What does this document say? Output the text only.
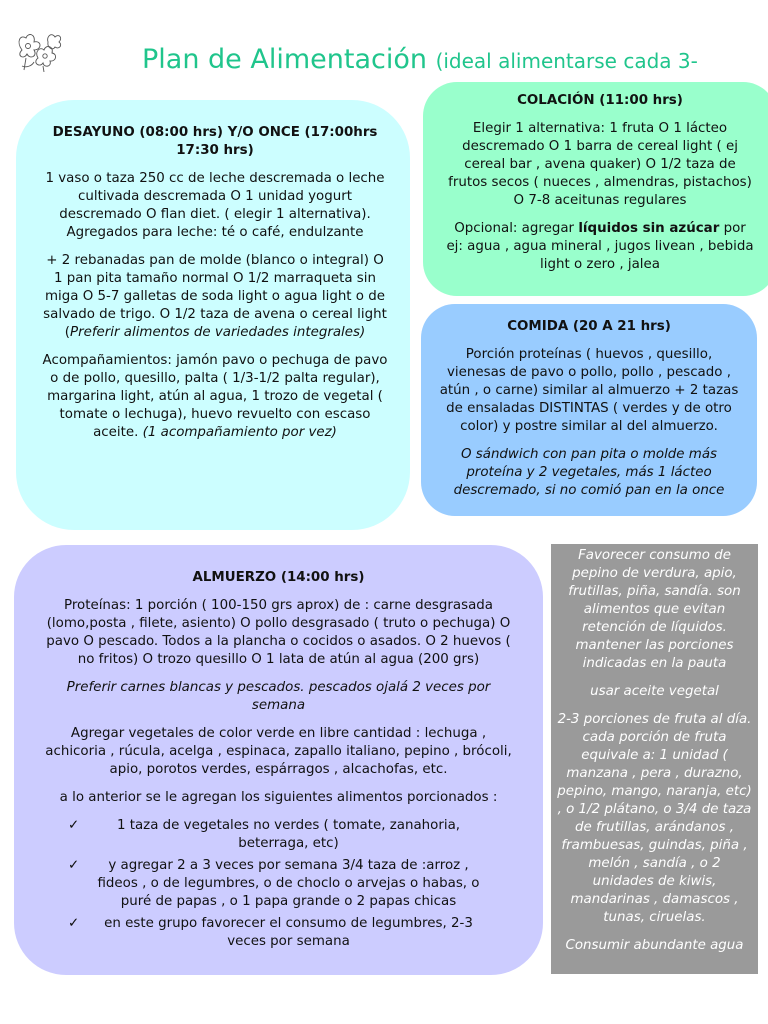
Plan de Alimentación (ideal alimentarse cada 3-
DESAYUNO (08:00 hrs) Y/O ONCE (17:00hrs 17:30 hrs)

1 vaso o taza 250 cc de leche descremada o leche cultivada descremada O 1 unidad yogurt descremado O flan diet. ( elegir 1 alternativa). Agregados para leche: té o café, endulzante

+ 2 rebanadas pan de molde (blanco o integral) O 1 pan pita tamaño normal O 1/2 marraqueta sin miga O 5-7 galletas de soda light o agua light o de salvado de trigo. O 1/2 taza de avena o cereal light (Preferir alimentos de variedades integrales)

Acompañamientos: jamón pavo o pechuga de pavo o de pollo, quesillo, palta ( 1/3-1/2 palta regular), margarina light, atún al agua, 1 trozo de vegetal ( tomate o lechuga), huevo revuelto con escaso aceite. (1 acompañamiento por vez)

COLACIÓN (11:00 hrs)

Elegir 1 alternativa: 1 fruta O 1 lácteo descremado O 1 barra de cereal light ( ej cereal bar , avena quaker) O 1/2 taza de frutos secos ( nueces , almendras, pistachos) O 7-8 aceitunas regulares

Opcional: agregar líquidos sin azúcar por ej: agua , agua mineral , jugos livean , bebida light o zero , jalea

COMIDA (20 A 21 hrs)

Porción proteínas ( huevos , quesillo, vienesas de pavo o pollo, pollo , pescado , atún , o carne) similar al almuerzo + 2 tazas de ensaladas DISTINTAS ( verdes y de otro color) y postre similar al del almuerzo.

O sándwich con pan pita o molde más proteína y 2 vegetales, más 1 lácteo descremado, si no comió pan en la once

ALMUERZO (14:00 hrs)

Proteínas: 1 porción ( 100-150 grs aprox) de : carne desgrasada (lomo,posta , filete, asiento) O pollo desgrasado ( truto o pechuga) O pavo O pescado. Todos a la plancha o cocidos o asados. O 2 huevos ( no fritos) O trozo quesillo O 1 lata de atún al agua (200 grs)

Preferir carnes blancas y pescados. pescados ojalá 2 veces por semana

Agregar vegetales de color verde en libre cantidad : lechuga , achicoria , rúcula, acelga , espinaca, zapallo italiano, pepino , brócoli, apio, porotos verdes, espárragos , alcachofas, etc.

a lo anterior se le agregan los siguientes alimentos porcionados :

✓ 1 taza de vegetales no verdes ( tomate, zanahoria, beterraga, etc)
✓ y agregar 2 a 3 veces por semana 3/4 taza de :arroz , fideos , o de legumbres, o de choclo o arvejas o habas, o puré de papas , o 1 papa grande o 2 papas chicas
✓ en este grupo favorecer el consumo de legumbres, 2-3 veces por semana

Favorecer consumo de pepino de verdura, apio, frutillas, piña, sandía. son alimentos que evitan retención de líquidos. mantener las porciones indicadas en la pauta

usar aceite vegetal

2-3 porciones de fruta al día. cada porción de fruta equivale a: 1 unidad ( manzana , pera , durazno, pepino, mango, naranja, etc) , o 1/2 plátano, o 3/4 de taza de frutillas, arándanos , frambuesas, guindas, piña , melón , sandía , o 2 unidades de kiwis, mandarinas , damascos , tunas, ciruelas.

Consumir abundante agua
